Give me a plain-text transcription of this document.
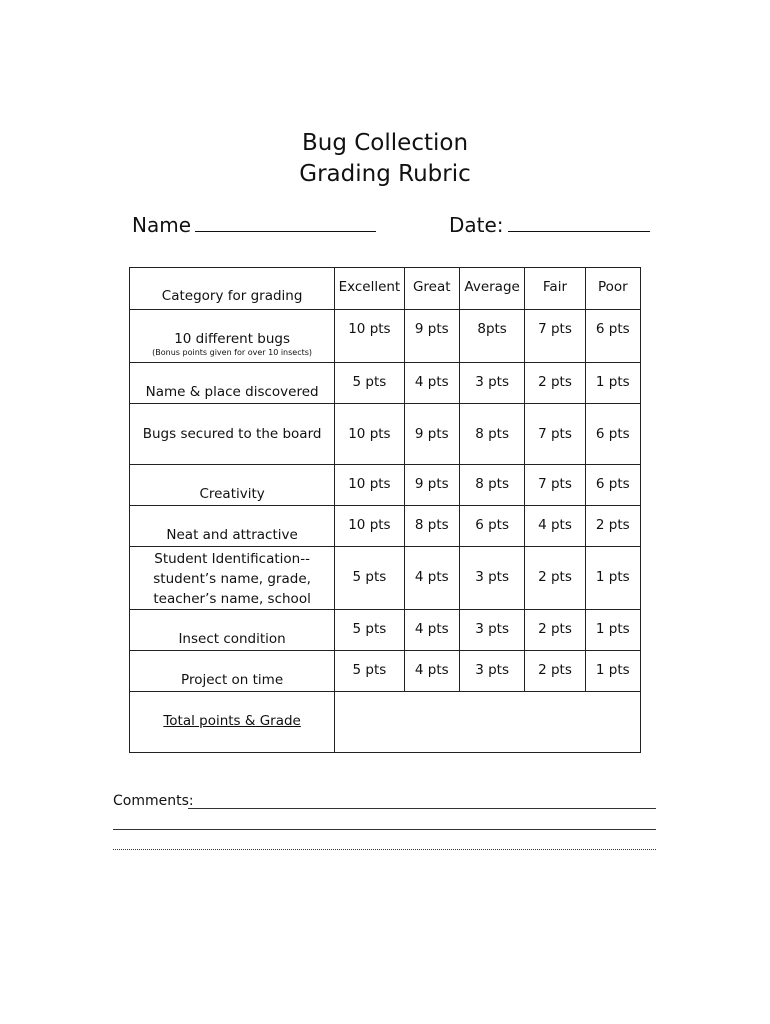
Bug Collection
Grading Rubric
Name	Date:
Category for grading	Excellent	Great	Average	Fair	Poor

10 different bugs
(Bonus points given for over 10 insects)	10 pts	9 pts	8pts	7 pts	6 pts
Name & place discovered	5 pts	4 pts	3 pts	2 pts	1 pts
Bugs secured to the board	10 pts	9 pts	8 pts	7 pts	6 pts
Creativity	10 pts	9 pts	8 pts	7 pts	6 pts
Neat and attractive	10 pts	8 pts	6 pts	4 pts	2 pts

Student Identification--
student’s name, grade,
teacher’s name, school	5 pts	4 pts	3 pts	2 pts	1 pts
Insect condition	5 pts	4 pts	3 pts	2 pts	1 pts
Project on time	5 pts	4 pts	3 pts	2 pts	1 pts
Total points & Grade					
Comments:
